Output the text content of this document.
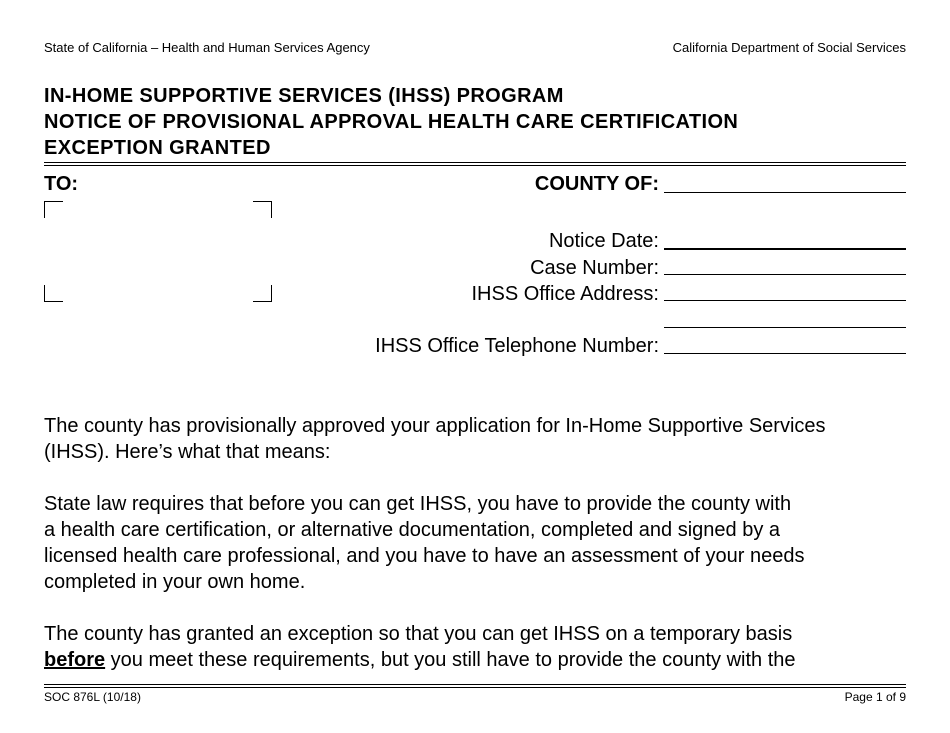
State of California – Health and Human Services Agency	California Department of Social Services
IN-HOME SUPPORTIVE SERVICES (IHSS) PROGRAM
NOTICE OF PROVISIONAL APPROVAL HEALTH CARE CERTIFICATION
EXCEPTION GRANTED
TO:	COUNTY OF:
Notice Date:
Case Number:
IHSS Office Address:
IHSS Office Telephone Number:

The county has provisionally approved your application for In-Home Supportive Services
(IHSS). Here’s what that means:

State law requires that before you can get IHSS, you have to provide the county with
a health care certification, or alternative documentation, completed and signed by a
licensed health care professional, and you have to have an assessment of your needs
completed in your own home.

The county has granted an exception so that you can get IHSS on a temporary basis
before you meet these requirements, but you still have to provide the county with the

SOC 876L (10/18)	Page 1 of 9
